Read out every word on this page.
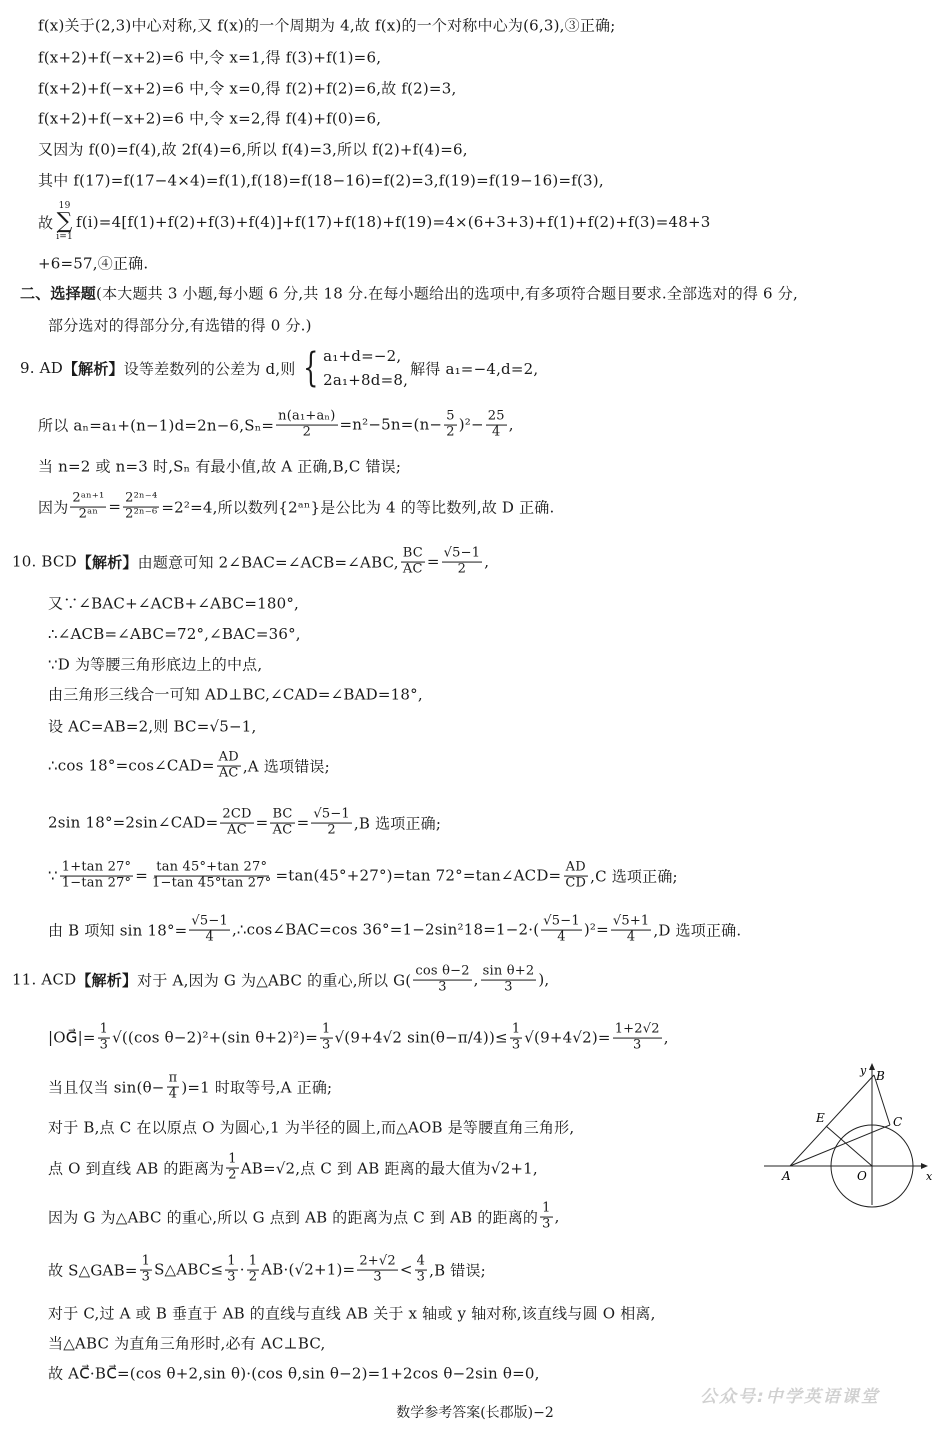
f(x)关于(2,3)中心对称,又 f(x)的一个周期为 4,故 f(x)的一个对称中心为(6,3),③正确;
f(x+2)+f(−x+2)=6 中,令 x=1,得 f(3)+f(1)=6,
f(x+2)+f(−x+2)=6 中,令 x=0,得 f(2)+f(2)=6,故 f(2)=3,
f(x+2)+f(−x+2)=6 中,令 x=2,得 f(4)+f(0)=6,
又因为 f(0)=f(4),故 2f(4)=6,所以 f(4)=3,所以 f(2)+f(4)=6,
其中 f(17)=f(17−4×4)=f(1),f(18)=f(18−16)=f(2)=3,f(19)=f(19−16)=f(3),
故
19
∑
i=1
f(i)=4[f(1)+f(2)+f(3)+f(4)]+f(17)+f(18)+f(19)=4×(6+3+3)+f(1)+f(2)+f(3)=48+3
+6=57,④正确.
二、选择题 (本大题共 3 小题,每小题 6 分,共 18 分.在每小题给出的选项中,有多项符合题目要求.全部选对的得 6 分,
部分选对的得部分分,有选错的得 0 分.)
9. AD 【解析】 设等差数列的公差为 d,则 { a₁+d=−2,
2a₁+8d=8,
解得 a₁=−4,d=2,
所以 $a_n=a_1+(n-1)d=2n-6,S_n= \frac{\text{n(a₁+aₙ)}}{2} =n^2-5n=(n- \frac{5}{2} )^2- \frac{25}{4}$ ,
当 n=2 或 n=3 时,Sₙ 有最小值,故 A 正确,B,C 错误;
因为 $\frac{\text{2ᵃⁿ⁺¹}}{\text{2ᵃⁿ}} = \frac{\text{2²ⁿ⁻⁴}}{\text{2²ⁿ⁻⁶}} =2^2=4$,所以数列{2ᵃⁿ}是公比为 4 的等比数列,故 D 正确.
10. BCD 【解析】 由题意可知 2∠BAC=∠ACB=∠ABC, $\frac{BC}{AC} = \frac{√5-1}{2}$ ,
又∵∠BAC+∠ACB+∠ABC=180°,
∴∠ACB=∠ABC=72°,∠BAC=36°,
∵D 为等腰三角形底边上的中点,
由三角形三线合一可知 AD⊥BC,∠CAD=∠BAD=18°,
设 AC=AB=2,则 BC=√5−1,
∴cos 18°=cos∠CAD= $\frac{AD}{AC} ,A$ 选项错误;
2sin 18°=2sin∠CAD= $\frac{2CD}{AC} = \frac{BC}{AC} = \frac{√5-1}{2} ,B$ 选项正确;
∵ $\frac{1+\tan 27^\circ}{1-\tan 27^\circ} = \frac{\tan 45^\circ+\tan 27^\circ}{1-\tan 45^\circ\tan 27^\circ} =\tan(45^\circ+27^\circ)=\tan$ 72°=tan∠ACD= $\frac{AD}{CD} ,C$ 选项正确;
由 B 项知 $\sin 18^\circ= \frac{√5-1}{4}$ ,∴cos∠BAC=cos $36^\circ=1-2\sin^218=1-2\cdot( \frac{√5-1}{4} )^2= \frac{√5+1}{4} ,D$ 选项正确.
11. ACD 【解析】 对于 A,因为 G 为△ABC 的重心,所以 $G( \frac{\text{cos θ−2}}{3}$ , $\frac{\text{sin θ+2}}{3}$ ),
|OG⃗|= $\frac{1}{3} √((\cos$ θ−2)²+(sin $\theta+2)^2)= \frac{1}{3} √(9+4√2$ $\sin(\theta-\pi/4))\le \frac{1}{3} √(9+4√2)= \frac{1+2√2}{3}$ ,
当且仅当 $\sin(\theta- \frac{\pi}{4} )=1$ 时取等号,A 正确;
对于 B,点 C 在以原点 O 为圆心,1 为半径的圆上,而△AOB 是等腰直角三角形,
点 O 到直线 AB 的距离为 $\frac{1}{2} AB=√2$,点 C 到 AB 距离的最大值为√2+1,
因为 G 为△ABC 的重心,所以 G 点到 AB 的距离为点 C 到 AB 的距离的 $\frac{1}{3}$ ,
故 S△GAB= $\frac{1}{3}$ S△ABC≤ $\frac{1}{3} \cdot \frac{1}{2} AB\cdot(√2+1)= \frac{2+√2}{3} < \frac{4}{3} ,B$ 错误;
对于 C,过 A 或 B 垂直于 AB 的直线与直线 AB 关于 x 轴或 y 轴对称,该直线与圆 O 相离,
当△ABC 为直角三角形时,必有 AC⊥BC,
故 AC⃗·BC⃗=(cos θ+2,sin θ)·(cos θ,sin θ−2)=1+2cos θ−2sin θ=0,
y B
E	C
A	O	x
公众号:中学英语课堂
数学参考答案(长郡版)−2
